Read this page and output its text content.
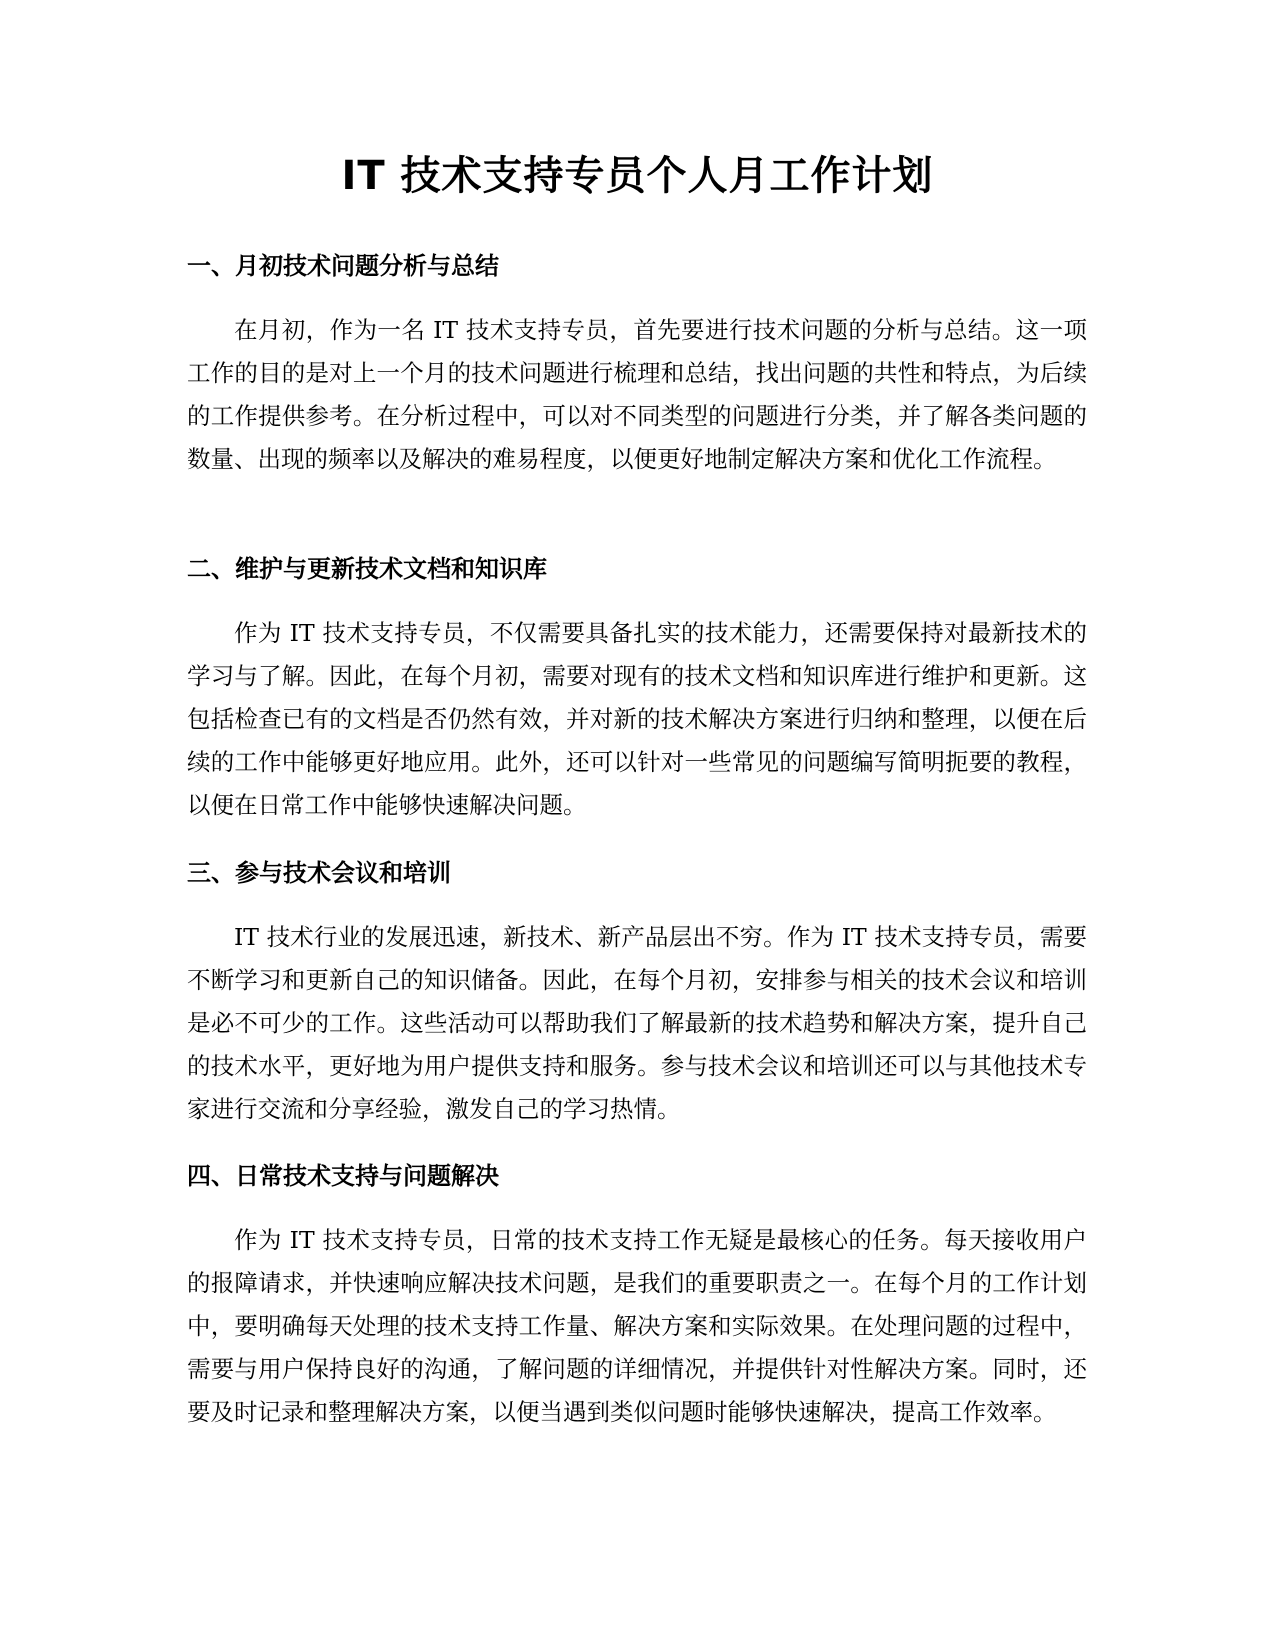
IT 技术支持专员个人月工作计划
一、月初技术问题分析与总结

在月初，作为一名 IT 技术支持专员，首先要进行技术问题的分析与总结。这一项工作的目的是对上一个月的技术问题进行梳理和总结，找出问题的共性和特点，为后续的工作提供参考。在分析过程中，可以对不同类型的问题进行分类，并了解各类问题的数量、出现的频率以及解决的难易程度，以便更好地制定解决方案和优化工作流程。

二、维护与更新技术文档和知识库

作为 IT 技术支持专员，不仅需要具备扎实的技术能力，还需要保持对最新技术的学习与了解。因此，在每个月初，需要对现有的技术文档和知识库进行维护和更新。这包括检查已有的文档是否仍然有效，并对新的技术解决方案进行归纳和整理，以便在后续的工作中能够更好地应用。此外，还可以针对一些常见的问题编写简明扼要的教程，以便在日常工作中能够快速解决问题。

三、参与技术会议和培训

IT 技术行业的发展迅速，新技术、新产品层出不穷。作为 IT 技术支持专员，需要不断学习和更新自己的知识储备。因此，在每个月初，安排参与相关的技术会议和培训是必不可少的工作。这些活动可以帮助我们了解最新的技术趋势和解决方案，提升自己的技术水平，更好地为用户提供支持和服务。参与技术会议和培训还可以与其他技术专家进行交流和分享经验，激发自己的学习热情。

四、日常技术支持与问题解决

作为 IT 技术支持专员，日常的技术支持工作无疑是最核心的任务。每天接收用户的报障请求，并快速响应解决技术问题，是我们的重要职责之一。在每个月的工作计划中，要明确每天处理的技术支持工作量、解决方案和实际效果。在处理问题的过程中，需要与用户保持良好的沟通，了解问题的详细情况，并提供针对性解决方案。同时，还要及时记录和整理解决方案，以便当遇到类似问题时能够快速解决，提高工作效率。
